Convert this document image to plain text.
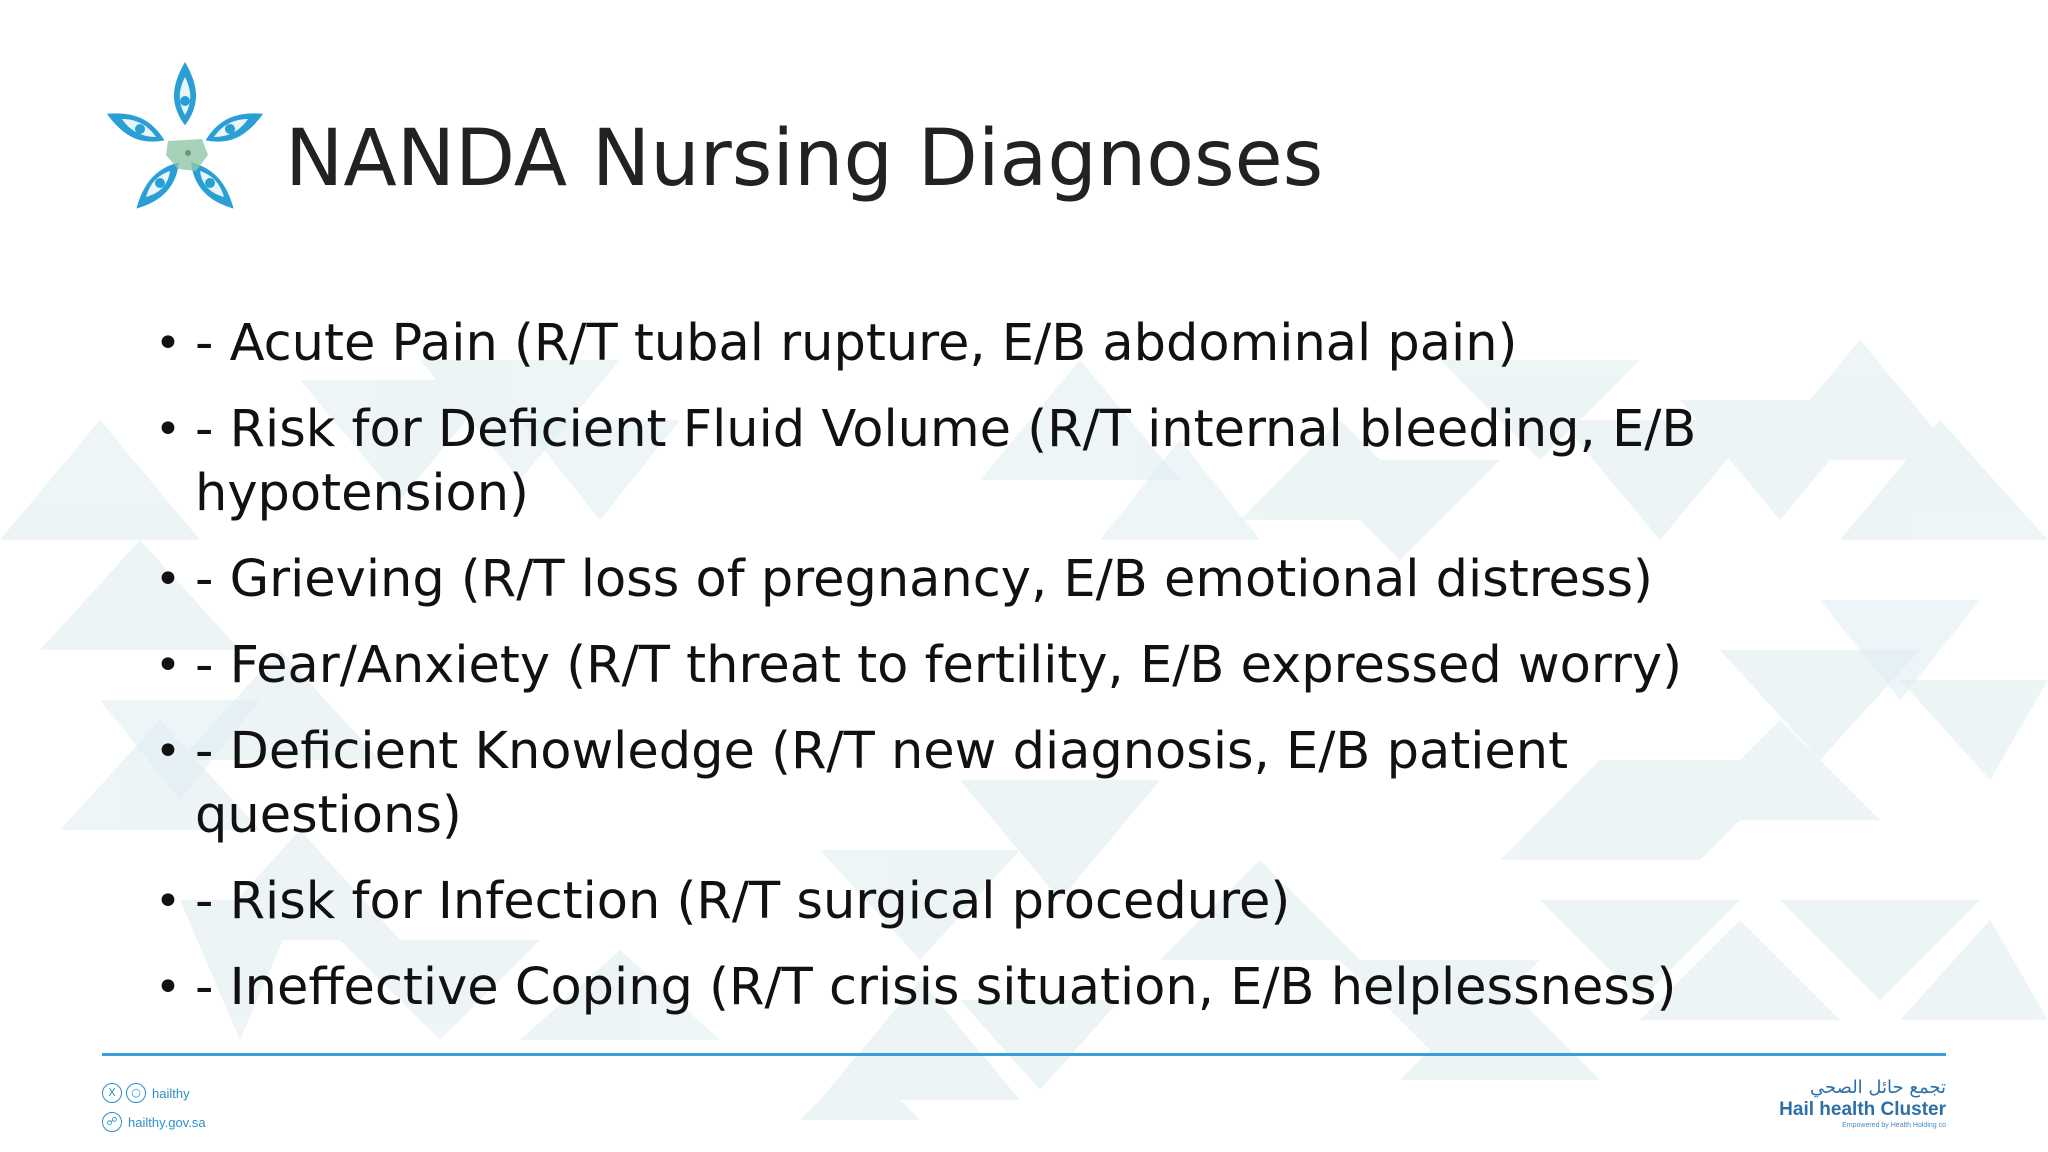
NANDA Nursing Diagnoses
• - Acute Pain (R/T tubal rupture, E/B abdominal pain)
• - Risk for Deficient Fluid Volume (R/T internal bleeding, E/B hypotension)
• - Grieving (R/T loss of pregnancy, E/B emotional distress)
• - Fear/Anxiety (R/T threat to fertility, E/B expressed worry)
• - Deficient Knowledge (R/T new diagnosis, E/B patient questions)
• - Risk for Infection (R/T surgical procedure)
• - Ineffective Coping (R/T crisis situation, E/B helplessness)
X	○ hailthy
☍ hailthy.gov.sa
تجمع حائل الصحي
Hail health Cluster
Empowered by Health Holding co
